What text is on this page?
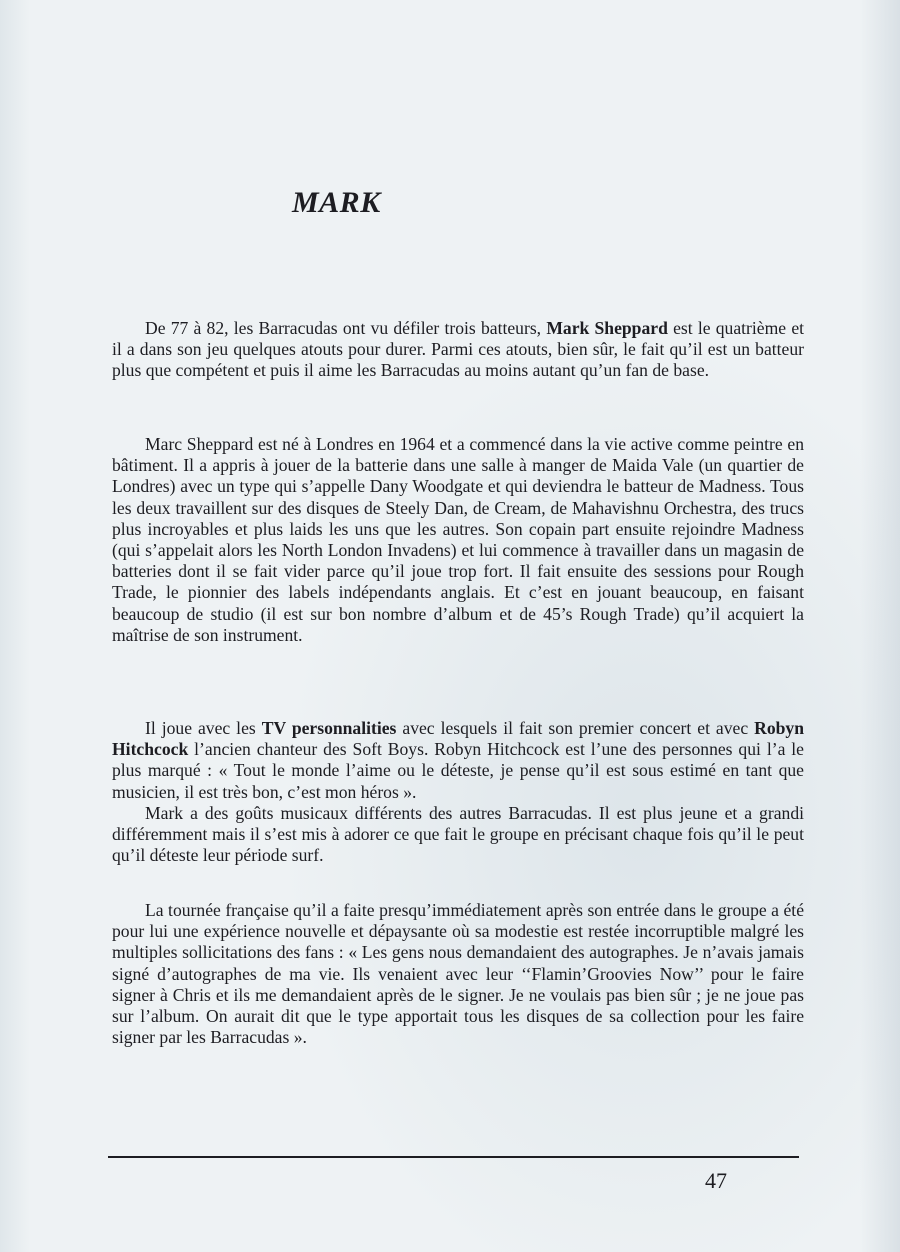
MARK

De 77 à 82, les Barracudas ont vu défiler trois batteurs, Mark Sheppard est le quatrième et il a dans son jeu quelques atouts pour durer. Parmi ces atouts, bien sûr, le fait qu’il est un batteur plus que compétent et puis il aime les Barracudas au moins autant qu’un fan de base.

Marc Sheppard est né à Londres en 1964 et a commencé dans la vie active comme peintre en bâtiment. Il a appris à jouer de la batterie dans une salle à manger de Maida Vale (un quartier de Londres) avec un type qui s’appelle Dany Woodgate et qui deviendra le batteur de Madness. Tous les deux travaillent sur des disques de Steely Dan, de Cream, de Mahavishnu Orchestra, des trucs plus incroyables et plus laids les uns que les autres. Son copain part ensuite rejoindre Madness (qui s’appelait alors les North London Invadens) et lui commence à travailler dans un magasin de batteries dont il se fait vider parce qu’il joue trop fort. Il fait ensuite des sessions pour Rough Trade, le pionnier des labels indépendants anglais. Et c’est en jouant beaucoup, en faisant beaucoup de studio (il est sur bon nombre d’album et de 45’s Rough Trade) qu’il acquiert la maîtrise de son instrument.

Il joue avec les TV personnalities avec lesquels il fait son premier concert et avec Robyn Hitchcock l’ancien chanteur des Soft Boys. Robyn Hitchcock est l’une des personnes qui l’a le plus marqué : « Tout le monde l’aime ou le déteste, je pense qu’il est sous estimé en tant que musicien, il est très bon, c’est mon héros ».

Mark a des goûts musicaux différents des autres Barracudas. Il est plus jeune et a grandi différemment mais il s’est mis à adorer ce que fait le groupe en précisant chaque fois qu’il le peut qu’il déteste leur période surf.

La tournée française qu’il a faite presqu’immédiatement après son entrée dans le groupe a été pour lui une expérience nouvelle et dépaysante où sa modestie est restée incorruptible malgré les multiples sollicitations des fans : « Les gens nous demandaient des autographes. Je n’avais jamais signé d’autographes de ma vie. Ils venaient avec leur ‘‘Flamin’Groovies Now’’ pour le faire signer à Chris et ils me demandaient après de le signer. Je ne voulais pas bien sûr ; je ne joue pas sur l’album. On aurait dit que le type apportait tous les disques de sa collection pour les faire signer par les Barracudas ».

47
